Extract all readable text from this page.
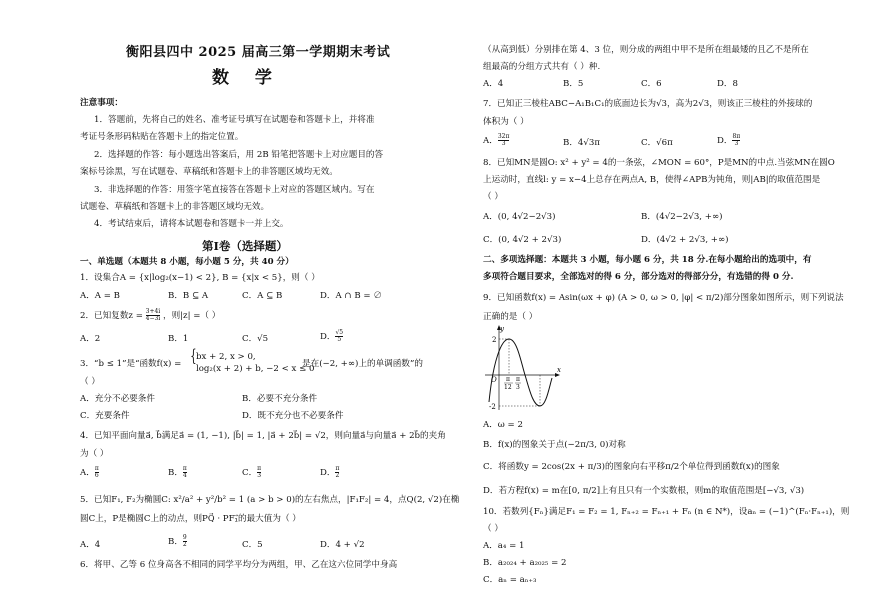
衡阳县四中 2025 届高三第一学期期末考试
数 学
注意事项：
1．答题前，先将自己的姓名、准考证号填写在试题卷和答题卡上，并将准
考证号条形码粘贴在答题卡上的指定位置。
2．选择题的作答：每小题选出答案后，用 2B 铅笔把答题卡上对应题目的答
案标号涂黑，写在试题卷、草稿纸和答题卡上的非答题区域均无效。
3．非选择题的作答：用签字笔直接答在答题卡上对应的答题区域内。写在
试题卷、草稿纸和答题卡上的非答题区域均无效。
4．考试结束后，请将本试题卷和答题卡一并上交。
第Ⅰ卷（选择题）
一、单选题（本题共 8 小题，每小题 5 分，共 40 分）
1．设集合A = {x|log₂(x−1) < 2}, B = {x|x < 5}，则（ ）
A．A = B	B．B ⊆ A	C．A ⊆ B	D．A ∩ B = ∅
2．已知复数$z = \frac{3+4i}{4-3i}$ ，则|z| =（ ）
A．2	B．1	C．√5	D． $\frac{√5}{5}$
3．“b ≤ 1”是“函数f(x) = { bx + 2, x > 0,
log₂(x + 2) + b, −2 < x ≤ 0
是在(−2, +∞)上的单调函数”的
（ ）
A．充分不必要条件	B．必要不充分条件
C．充要条件	D．既不充分也不必要条件
4．已知平面向量a⃗, b⃗满足a⃗ = (1, −1), |b⃗| = 1, |a⃗ + 2b⃗| = √2，则向量a⃗与向量a⃗ + 2b⃗的夹角
为（ ）
A． $\frac{\pi}{6}$	B． $\frac{\pi}{4}$	C． $\frac{\pi}{3}$	D． $\frac{\pi}{2}$
5．已知F₁, F₂为椭圆C: x²/a² + y²/b² = 1 (a > b > 0)的左右焦点，|F₁F₂| = 4，点Q(2, √2)在椭
圆C上，P是椭圆C上的动点，则PQ⃗ · PF₁⃗的最大值为（ ）
A．4	B． $\frac{9}{2}$	C．5	D．4 + √2
6．将甲、乙等 6 位身高各不相同的同学平均分为两组，甲、乙在这六位同学中身高
（从高到低）分别排在第 4、3 位，则分成的两组中甲不是所在组最矮的且乙不是所在
组最高的分组方式共有（ ）种.
A．4	B．5	C．6	D．8
7．已知正三棱柱ABC−A₁B₁C₁的底面边长为√3，高为2√3，则该正三棱柱的外接球的
体积为（ ）
A． $\frac{32\pi}{3}$	B．4√3π	C．√6π	D． $\frac{8\pi}{3}$
8．已知MN是圆O: x² + y² = 4的一条弦，∠MON = 60°，P是MN的中点.当弦MN在圆O
上运动时，直线l: y = x−4上总存在两点A, B，使得∠APB为钝角，则|AB|的取值范围是
（ ）
A．(0, 4√2−2√3)	B．(4√2−2√3, +∞)
C．(0, 4√2 + 2√3)	D．(4√2 + 2√3, +∞)
二、多项选择题：本题共 3 小题，每小题 6 分，共 18 分.在每小题给出的选项中，有
多项符合题目要求，全部选对的得 6 分，部分选对的得部分分，有选错的得 0 分.
9．已知函数f(x) = Asin(ωx + φ) (A > 0, ω > 0, |φ| < π/2)部分图象如图所示，则下列说法
正确的是（ ）
y
x
2
-2
O π
12
π
3
A．ω = 2
B．f(x)的图象关于点(−2π/3, 0)对称
C．将函数y = 2cos(2x + π/3)的图象向右平移π/2个单位得到函数f(x)的图象
D．若方程f(x) = m在[0, π/2]上有且只有一个实数根，则m的取值范围是[−√3, √3)
10．若数列{Fₙ}满足F₁ = F₂ = 1, Fₙ₊₂ = Fₙ₊₁ + Fₙ (n ∈ N*)，设aₙ = (−1)^(Fₙ·Fₙ₊₁)，则
（ ）
A．a₄ = 1
B．a₂₀₂₄ + a₂₀₂₅ = 2
C．aₙ = aₙ₊₃
